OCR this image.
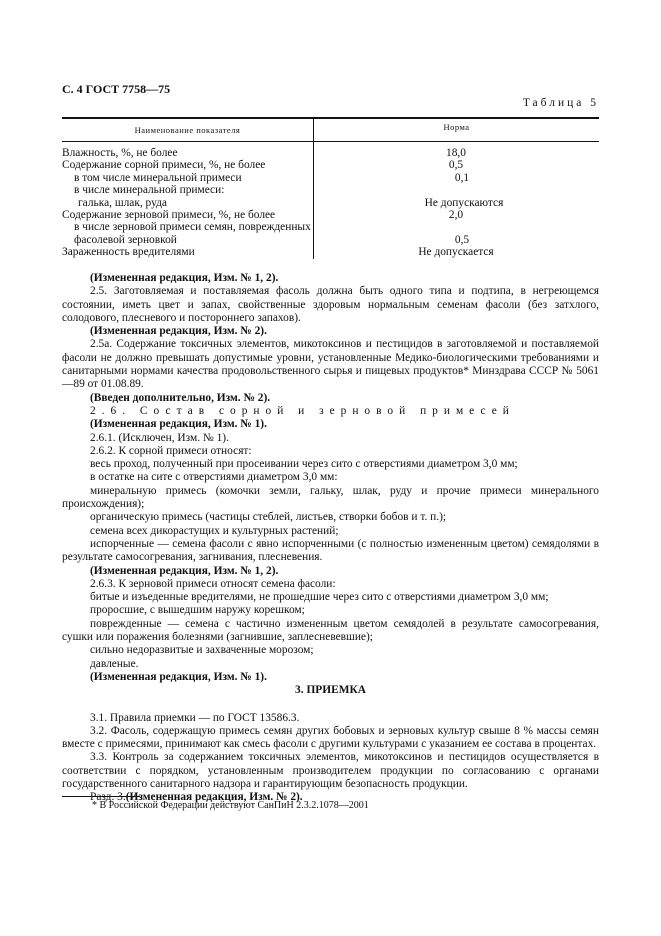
С. 4 ГОСТ 7758—75
Таблица 5
Наименование показателя	Норма
Влажность, %, не более	18,0
Содержание сорной примеси, %, не более	0,5
в том числе минеральной примеси	0,1
в числе минеральной примеси:
галька, шлак, руда	Не допускаются
Содержание зерновой примеси, %, не более	2,0
в числе зерновой примеси семян, поврежденных
фасолевой зерновкой	0,5
Зараженность вредителями	Не допускается

(Измененная редакция, Изм. № 1, 2).

2.5. Заготовляемая и поставляемая фасоль должна быть одного типа и подтипа, в негреющемся состоянии, иметь цвет и запах, свойственные здоровым нормальным семенам фасоли (без затхлого, солодового, плесневого и постороннего запахов).

(Измененная редакция, Изм. № 2).

2.5а. Содержание токсичных элементов, микотоксинов и пестицидов в заготовляемой и поставляемой фасоли не должно превышать допустимые уровни, установленные Медико-биологическими требованиями и санитарными нормами качества продовольственного сырья и пищевых продуктов* Минздрава СССР № 5061—89 от 01.08.89.

(Введен дополнительно, Изм. № 2).

2.6. Состав сорной и зерновой примесей

(Измененная редакция, Изм. № 1).

2.6.1. (Исключен, Изм. № 1).

2.6.2. К сорной примеси относят:

весь проход, полученный при просеивании через сито с отверстиями диаметром 3,0 мм;

в остатке на сите с отверстиями диаметром 3,0 мм:

минеральную примесь (комочки земли, гальку, шлак, руду и прочие примеси минерального происхождения);

органическую примесь (частицы стеблей, листьев, створки бобов и т. п.);

семена всех дикорастущих и культурных растений;

испорченные — семена фасоли с явно испорченными (с полностью измененным цветом) семядолями в результате самосогревания, загнивания, плесневения.

(Измененная редакция, Изм. № 1, 2).

2.6.3. К зерновой примеси относят семена фасоли:

битые и изъеденные вредителями, не прошедшие через сито с отверстиями диаметром 3,0 мм;

проросшие, с вышедшим наружу корешком;

поврежденные — семена с частично измененным цветом семядолей в результате самосогревания, сушки или поражения болезнями (загнившие, заплесневевшие);

сильно недоразвитые и захваченные морозом;

давленые.

(Измененная редакция, Изм. № 1).

3. ПРИЕМКА

3.1. Правила приемки — по ГОСТ 13586.3.

3.2. Фасоль, содержащую примесь семян других бобовых и зерновых культур свыше 8 % массы семян вместе с примесями, принимают как смесь фасоли с другими культурами с указанием ее состава в процентах.

3.3. Контроль за содержанием токсичных элементов, микотоксинов и пестицидов осуществляется в соответствии с порядком, установленным производителем продукции по согласованию с органами государственного санитарного надзора и гарантирующим безопасность продукции.

Разд. 3.(Измененная редакция, Изм. № 2).

* В Российской Федерации действуют СанПиН 2.3.2.1078—2001
